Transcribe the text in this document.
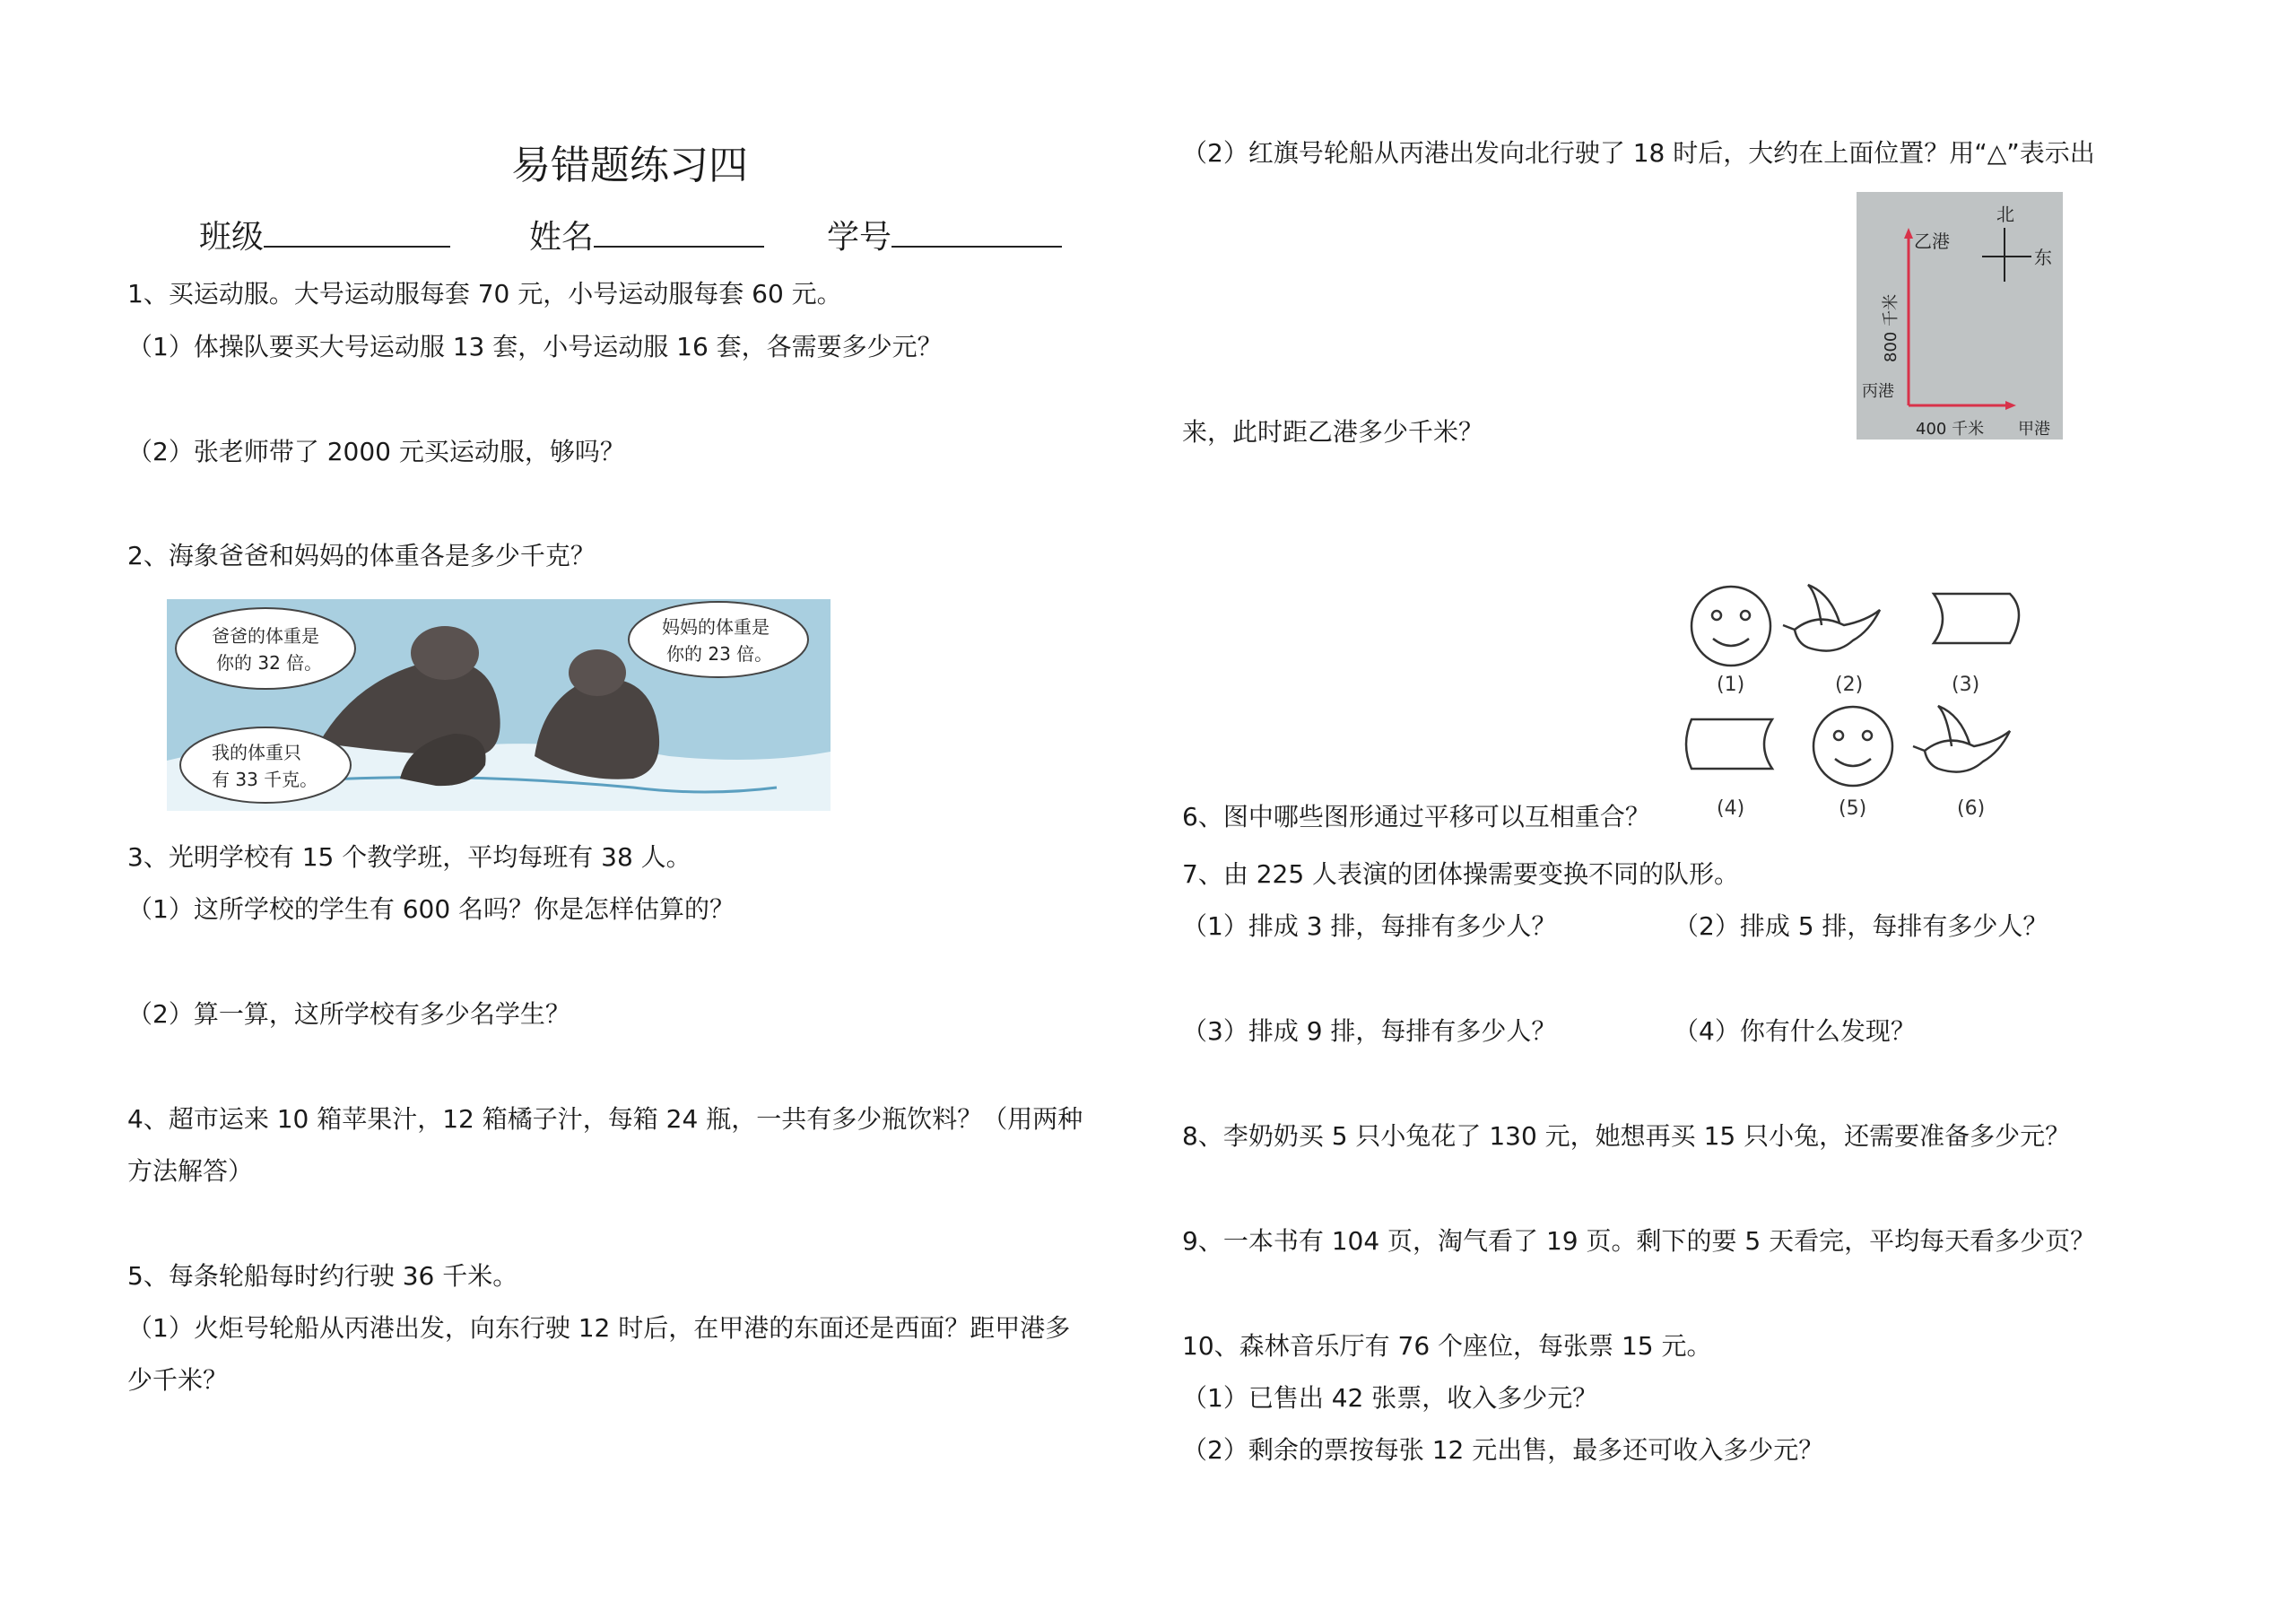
易错题练习四
班级	姓名	学号
1、买运动服。大号运动服每套 70 元，小号运动服每套 60 元。
（1）体操队要买大号运动服 13 套，小号运动服 16 套，各需要多少元？
（2）张老师带了 2000 元买运动服，够吗？
2、海象爸爸和妈妈的体重各是多少千克？
爸爸的体重是
你的 32 倍。
妈妈的体重是
你的 23 倍。
我的体重只
有 33 千克。
3、光明学校有 15 个教学班，平均每班有 38 人。
（1）这所学校的学生有 600 名吗？你是怎样估算的？
（2）算一算，这所学校有多少名学生？
4、超市运来 10 箱苹果汁，12 箱橘子汁，每箱 24 瓶，一共有多少瓶饮料？（用两种
方法解答）
5、每条轮船每时约行驶 36 千米。
（1）火炬号轮船从丙港出发，向东行驶 12 时后，在甲港的东面还是西面？距甲港多
少千米？
（2）红旗号轮船从丙港出发向北行驶了 18 时后，大约在上面位置？用“△”表示出
北
东
乙港
丙港
甲港
400 千米
800 千米
来，此时距乙港多少千米？
(1)	(2)	(3)
(4)	(5)	(6)
6、图中哪些图形通过平移可以互相重合？
7、由 225 人表演的团体操需要变换不同的队形。
（1）排成 3 排，每排有多少人？	（2）排成 5 排，每排有多少人？
（3）排成 9 排，每排有多少人？	（4）你有什么发现？
8、李奶奶买 5 只小兔花了 130 元，她想再买 15 只小兔，还需要准备多少元？
9、一本书有 104 页，淘气看了 19 页。剩下的要 5 天看完，平均每天看多少页？
10、森林音乐厅有 76 个座位，每张票 15 元。
（1）已售出 42 张票，收入多少元？
（2）剩余的票按每张 12 元出售，最多还可收入多少元？
